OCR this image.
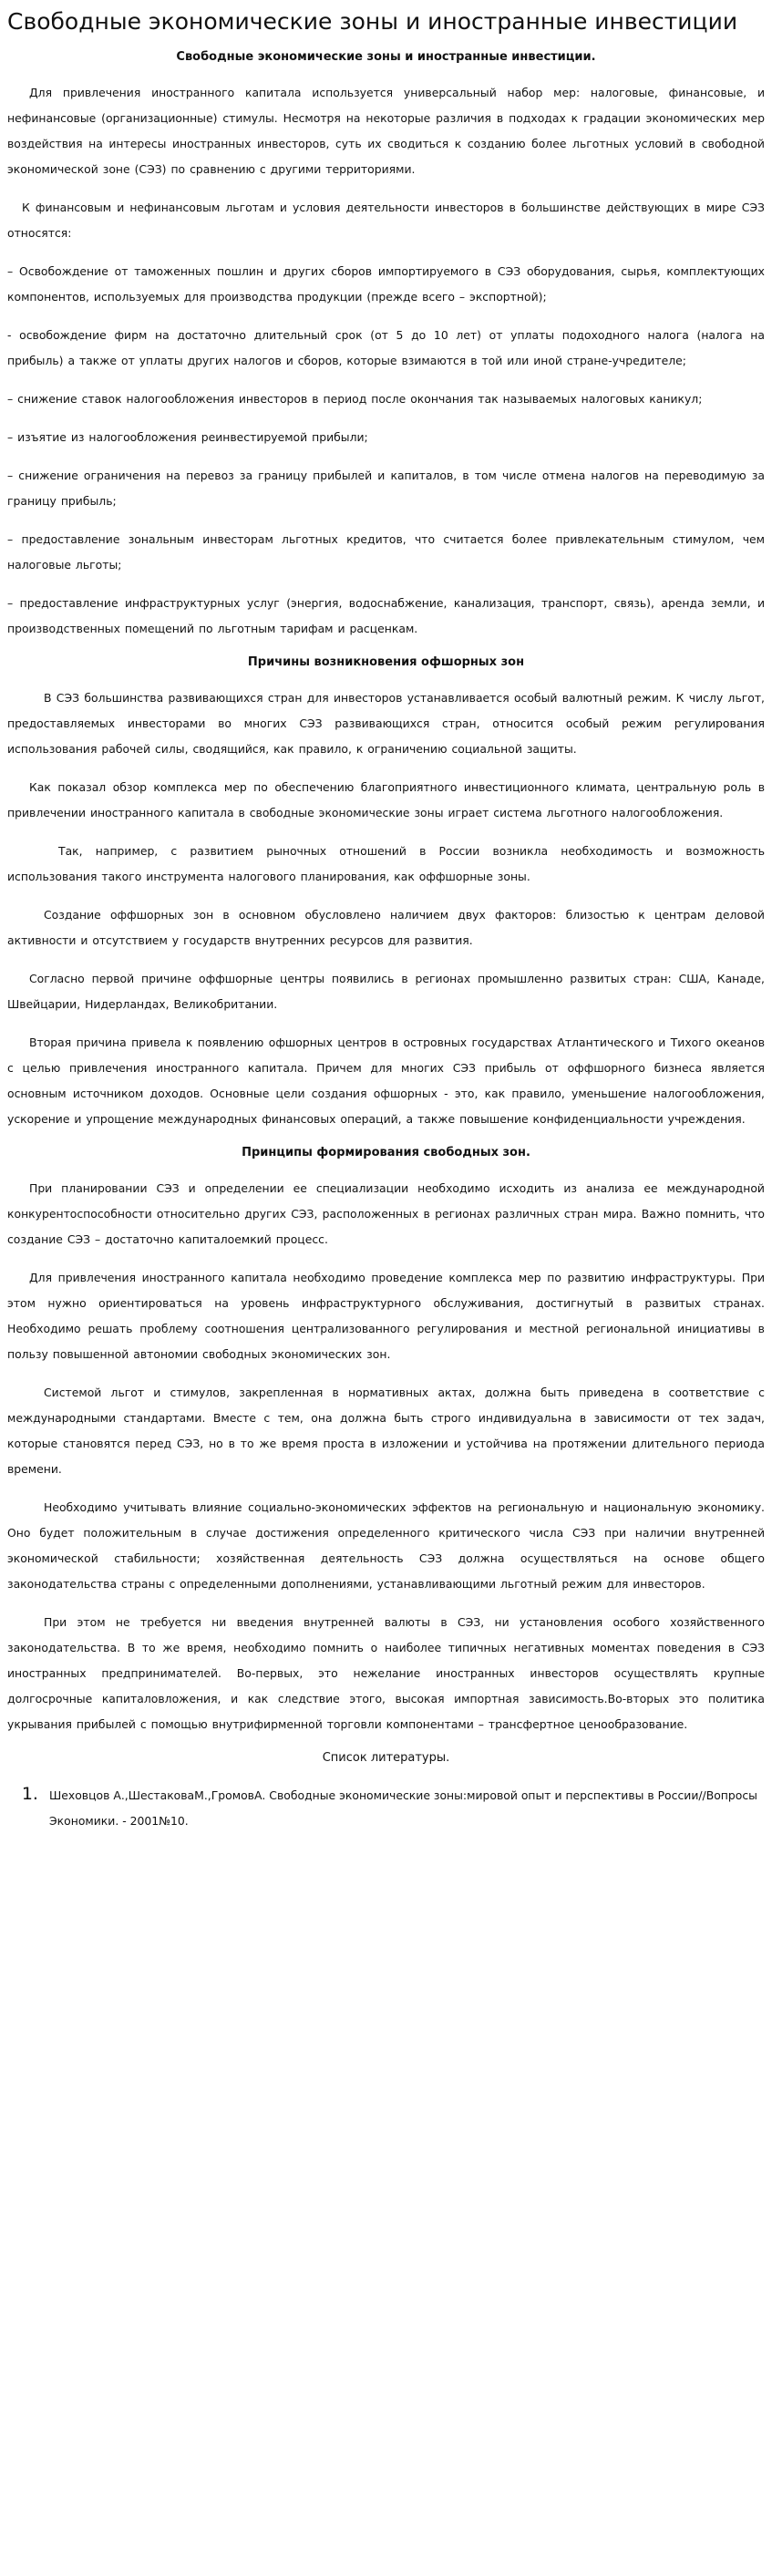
Свободные экономические зоны и иностранные инвестиции
Свободные экономические зоны и иностранные инвестиции.

Для привлечения иностранного капитала используется универсальный набор мер: налоговые, финансовые, и нефинансовые (организационные) стимулы. Несмотря на некоторые различия в подходах к градации экономических мер воздействия на интересы иностранных инвесторов, суть их сводиться к созданию более льготных условий в свободной экономической зоне (СЭЗ) по сравнению с другими территориями.

К финансовым и нефинансовым льготам и условия деятельности инвесторов в большинстве действующих в мире СЭЗ относятся:

– Освобождение от таможенных пошлин и других сборов импортируемого в СЭЗ оборудования, сырья, комплектующих компонентов, используемых для производства продукции (прежде всего – экспортной);

- освобождение фирм на достаточно длительный срок (от 5 до 10 лет) от уплаты подоходного налога (налога на прибыль) а также от уплаты других налогов и сборов, которые взимаются в той или иной стране-учредителе;

– снижение ставок налогообложения инвесторов в период после окончания так называемых налоговых каникул;

– изъятие из налогообложения реинвестируемой прибыли;

– снижение ограничения на перевоз за границу прибылей и капиталов, в том числе отмена налогов на переводимую за границу прибыль;

– предоставление зональным инвесторам льготных кредитов, что считается более привлекательным стимулом, чем налоговые льготы;

– предоставление инфраструктурных услуг (энергия, водоснабжение, канализация, транспорт, связь), аренда земли, и производственных помещений по льготным тарифам и расценкам.

Причины возникновения офшорных зон

В СЭЗ большинства развивающихся стран для инвесторов устанавливается особый валютный режим. К числу льгот, предоставляемых инвесторами во многих СЭЗ развивающихся стран, относится особый режим регулирования использования рабочей силы, сводящийся, как правило, к ограничению социальной защиты.

Как показал обзор комплекса мер по обеспечению благоприятного инвестиционного климата, центральную роль в привлечении иностранного капитала в свободные экономические зоны играет система льготного налогообложения.

Так, например, с развитием рыночных отношений в России возникла необходимость и возможность использования такого инструмента налогового планирования, как оффшорные зоны.

Создание оффшорных зон в основном обусловлено наличием двух факторов: близостью к центрам деловой активности и отсутствием у государств внутренних ресурсов для развития.

Согласно первой причине оффшорные центры появились в регионах промышленно развитых стран: США, Канаде, Швейцарии, Нидерландах, Великобритании.

Вторая причина привела к появлению офшорных центров в островных государствах Атлантического и Тихого океанов с целью привлечения иностранного капитала. Причем для многих СЭЗ прибыль от оффшорного бизнеса является основным источником доходов. Основные цели создания офшорных - это, как правило, уменьшение налогообложения, ускорение и упрощение международных финансовых операций, а также повышение конфиденциальности учреждения.

Принципы формирования свободных зон.

При планировании СЭЗ и определении ее специализации необходимо исходить из анализа ее международной конкурентоспособности относительно других СЭЗ, расположенных в регионах различных стран мира. Важно помнить, что создание СЭЗ – достаточно капиталоемкий процесс.

Для привлечения иностранного капитала необходимо проведение комплекса мер по развитию инфраструктуры. При этом нужно ориентироваться на уровень инфраструктурного обслуживания, достигнутый в развитых странах. Необходимо решать проблему соотношения централизованного регулирования и местной региональной инициативы в пользу повышенной автономии свободных экономических зон.

Системой льгот и стимулов, закрепленная в нормативных актах, должна быть приведена в соответствие с международными стандартами. Вместе с тем, она должна быть строго индивидуальна в зависимости от тех задач, которые становятся перед СЭЗ, но в то же время проста в изложении и устойчива на протяжении длительного периода времени.

Необходимо учитывать влияние социально-экономических эффектов на региональную и национальную экономику. Оно будет положительным в случае достижения определенного критического числа СЭЗ при наличии внутренней экономической стабильности; хозяйственная деятельность СЭЗ должна осуществляться на основе общего законодательства страны с определенными дополнениями, устанавливающими льготный режим для инвесторов.

При этом не требуется ни введения внутренней валюты в СЭЗ, ни установления особого хозяйственного законодательства. В то же время, необходимо помнить о наиболее типичных негативных моментах поведения в СЭЗ иностранных предпринимателей. Во-первых, это нежелание иностранных инвесторов осуществлять крупные долгосрочные капиталовложения, и как следствие этого, высокая импортная зависимость.Во-вторых это политика укрывания прибылей с помощью внутрифирменной торговли компонентами – трансфертное ценообразование.

Список литературы.
1. Шеховцов А.,ШестаковаМ.,ГромовА. Свободные экономические зоны:мировой опыт и перспективы в России//Вопросы Экономики. - 2001№10.
